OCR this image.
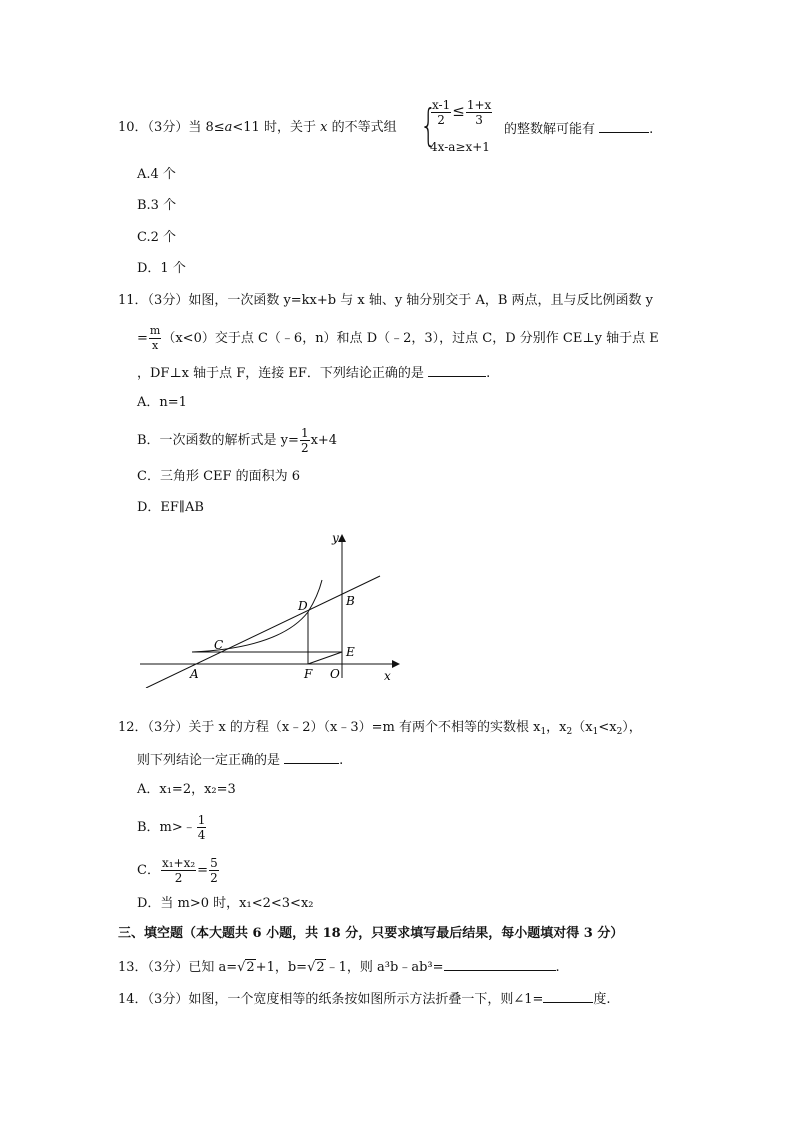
10．（3分）当 8≤a<11 时，关于 x 的不等式组 {
$\frac{x-1}{2} \le \frac{1+x}{3}$
4x-a≥x+1
的整数解可能有	.
A.4 个
B.3 个
C.2 个
D．1 个
11．（3分）如图，一次函数 y=kx+b 与 x 轴、y 轴分别交于 A，B 两点，且与反比例函数 y
= $\frac{m}{x} (x<0)$交于点 C（﹣6，n）和点 D（﹣2，3），过点 C，D 分别作 CE⊥y 轴于点 E
，DF⊥x 轴于点 F，连接 EF．下列结论正确的是	.
A．n=1
B．一次函数的解析式是 $y= \frac{1}{2} x+4$
C．三角形 CEF 的面积为 6
D．EF∥AB
y
x
D	B
C	E
A	F O
12．（3分）关于 x 的方程（x﹣2）（x﹣3）=m 有两个不相等的实数根 $x_1$，$x_2(x_1<x_2)$，
则下列结论一定正确的是	.
A．x₁=2，x₂=3
B．m>﹣ $\frac{1}{4}$
C． $\frac{\text{x₁+x₂}}{2} = \frac{5}{2}$
D．当 m>0 时，x₁<2<3<x₂
三、填空题（本大题共 6 小题，共 18 分，只要求填写最后结果，每小题填对得 3 分）
13．（3分）已知 a=√2+1，b=√2﹣1，则 a³b﹣ab³=	.
14．（3分）如图，一个宽度相等的纸条按如图所示方法折叠一下，则∠1=	度.
